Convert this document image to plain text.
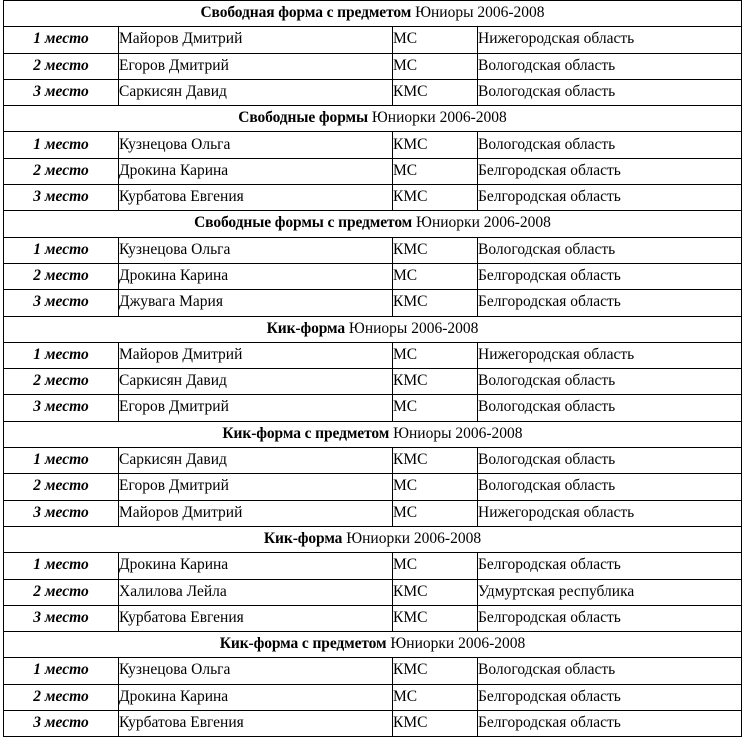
Свободная форма с предметом Юниоры 2006-2008			
1 место	Майоров Дмитрий	МС	Нижегородская область
2 место	Егоров Дмитрий	МС	Вологодская область
3 место	Саркисян Давид	КМС	Вологодская область
Свободные формы Юниорки 2006-2008			
1 место	Кузнецова Ольга	КМС	Вологодская область
2 место	Дрокина Карина	МС	Белгородская область
3 место	Курбатова Евгения	КМС	Белгородская область
Свободные формы с предметом Юниорки 2006-2008			
1 место	Кузнецова Ольга	КМС	Вологодская область
2 место	Дрокина Карина	МС	Белгородская область
3 место	Джувага Мария	КМС	Белгородская область
Кик-форма Юниоры 2006-2008			
1 место	Майоров Дмитрий	МС	Нижегородская область
2 место	Саркисян Давид	КМС	Вологодская область
3 место	Егоров Дмитрий	МС	Вологодская область
Кик-форма с предметом Юниоры 2006-2008			
1 место	Саркисян Давид	КМС	Вологодская область
2 место	Егоров Дмитрий	МС	Вологодская область
3 место	Майоров Дмитрий	МС	Нижегородская область
Кик-форма Юниорки 2006-2008			
1 место	Дрокина Карина	МС	Белгородская область
2 место	Халилова Лейла	КМС	Удмуртская республика
3 место	Курбатова Евгения	КМС	Белгородская область
Кик-форма с предметом Юниорки 2006-2008			
1 место	Кузнецова Ольга	КМС	Вологодская область
2 место	Дрокина Карина	МС	Белгородская область
3 место	Курбатова Евгения	КМС	Белгородская область
